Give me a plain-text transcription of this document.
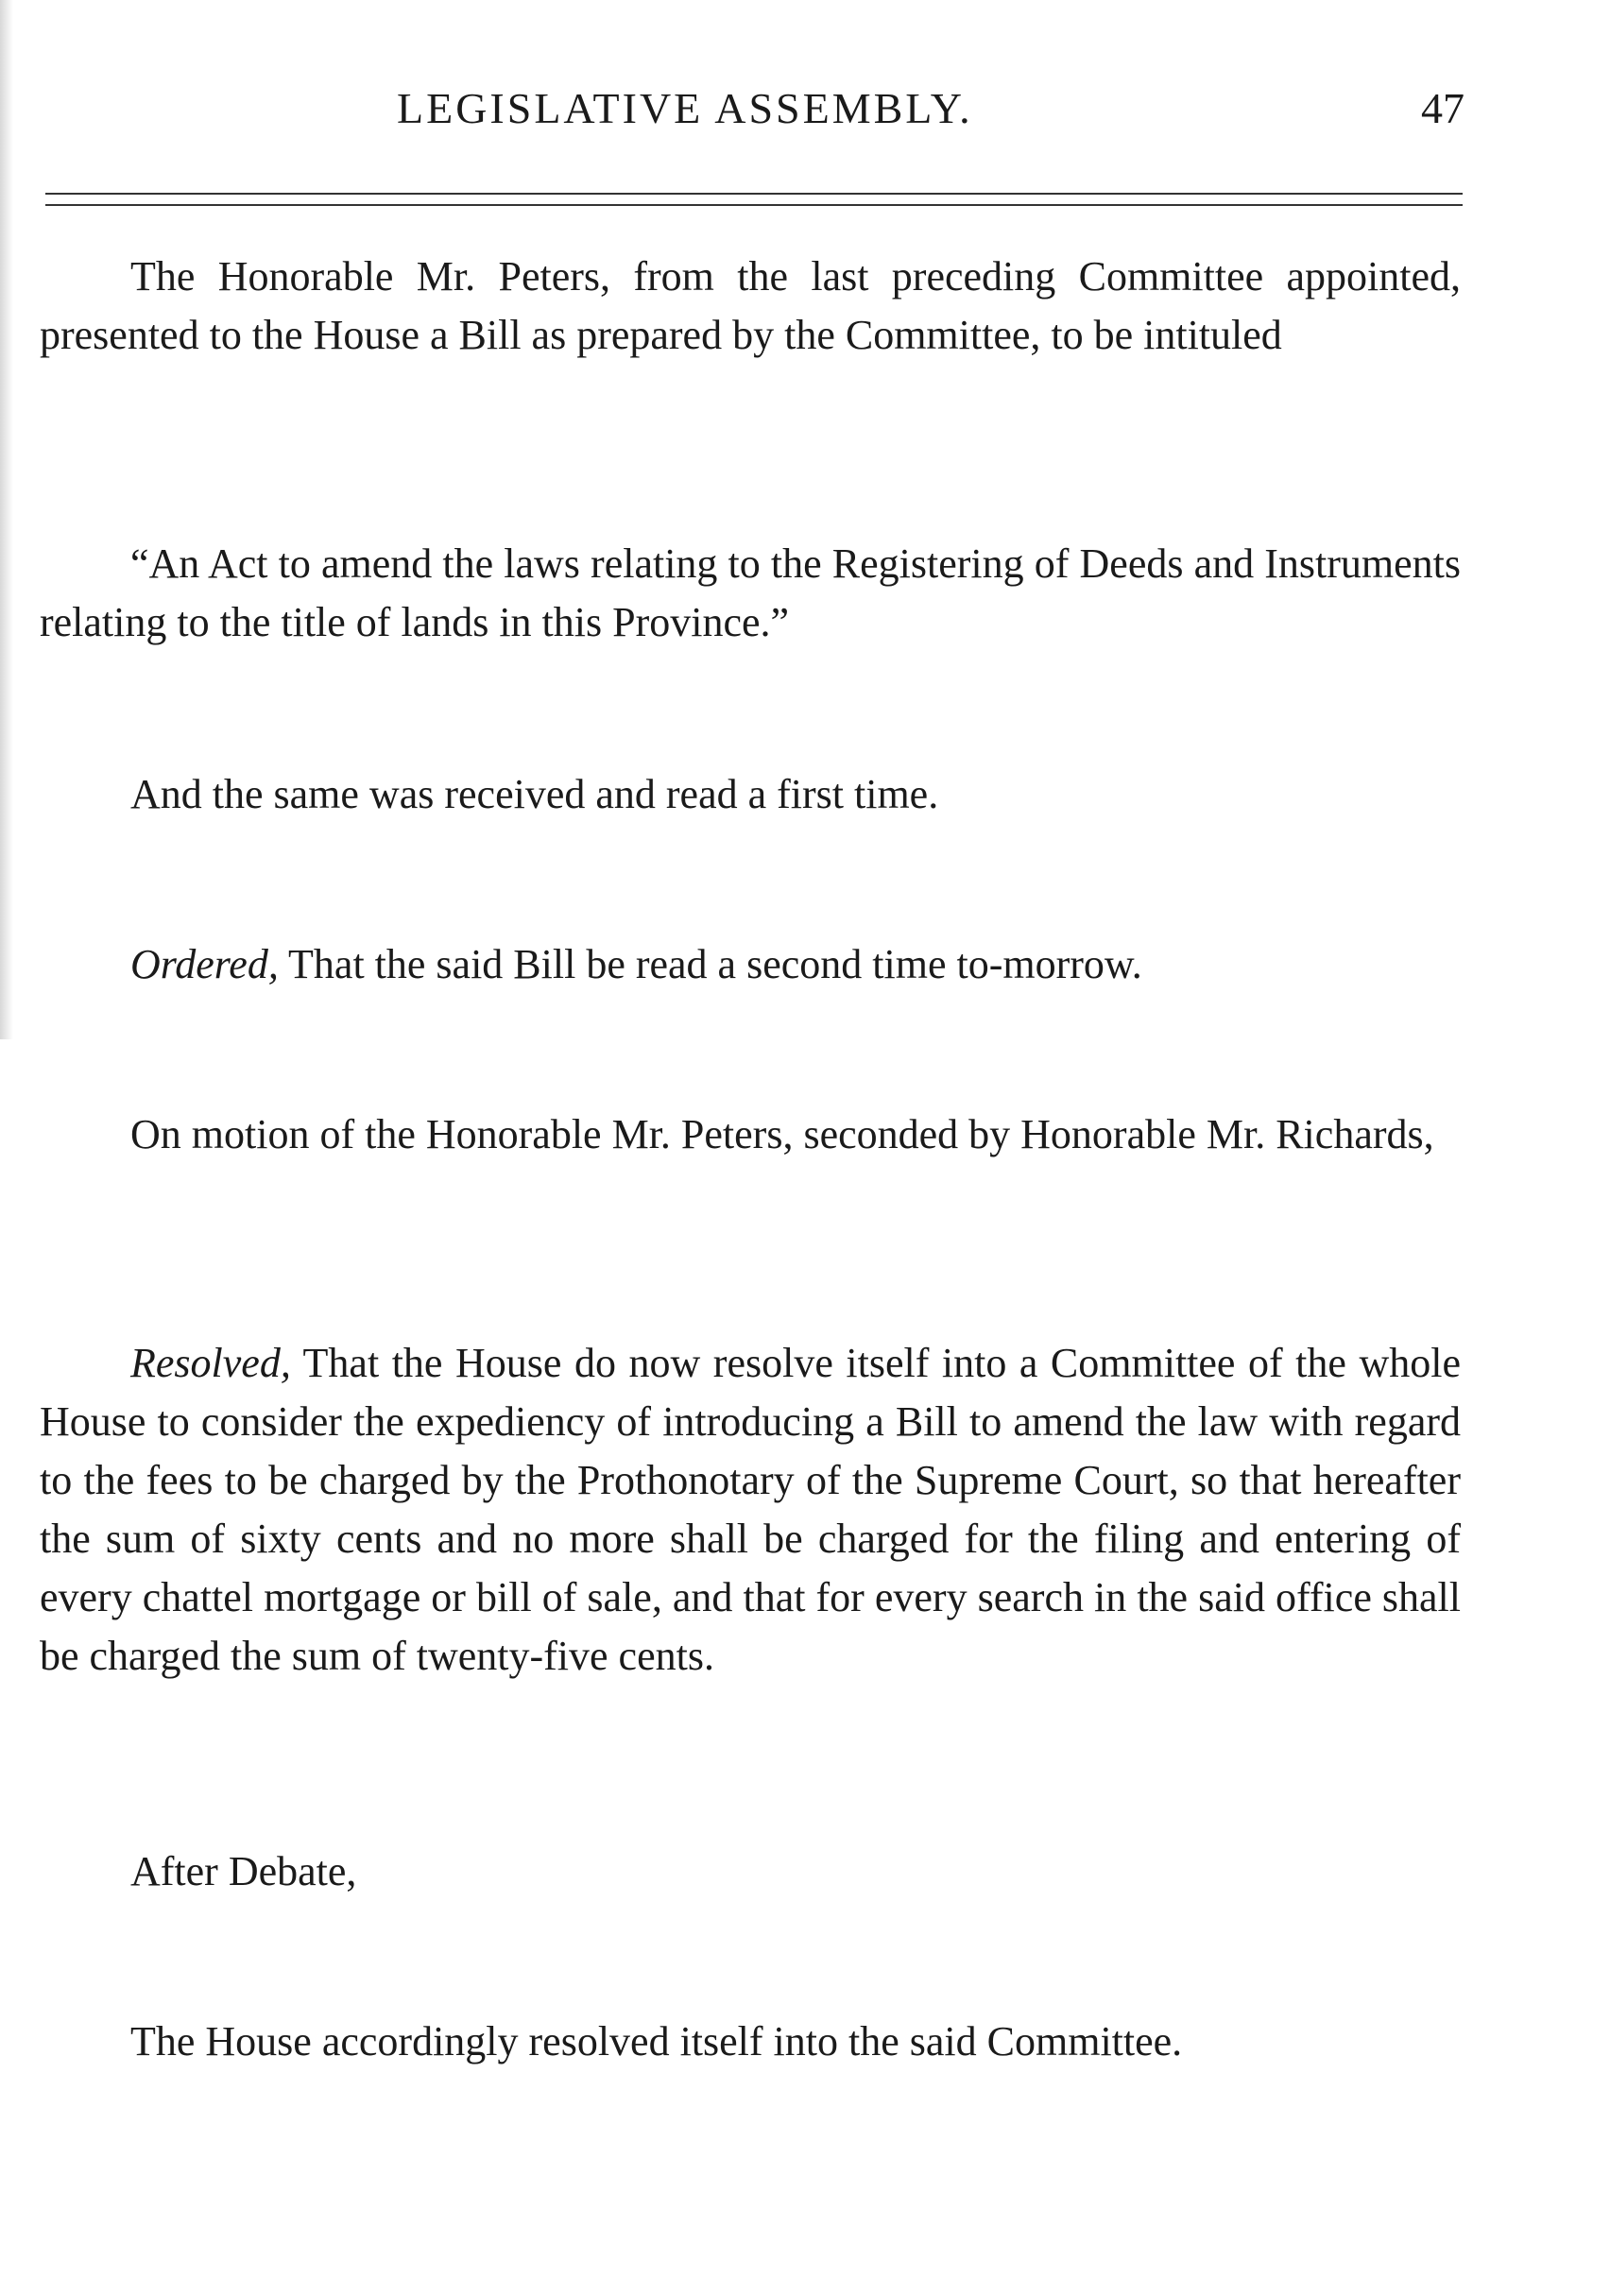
LEGISLATIVE ASSEMBLY.	47

The Honorable Mr. Peters, from the last preceding Committee appointed, presented to the House a Bill as prepared by the Committee, to be intituled

“An Act to amend the laws relating to the Registering of Deeds and Instruments relating to the title of lands in this Province.”

And the same was received and read a first time.

Ordered, That the said Bill be read a second time to-morrow.

On motion of the Honorable Mr. Peters, seconded by Honorable Mr. Richards,

Resolved, That the House do now resolve itself into a Committee of the whole House to consider the expediency of introducing a Bill to amend the law with regard to the fees to be charged by the Prothonotary of the Supreme Court, so that hereafter the sum of sixty cents and no more shall be charged for the filing and entering of every chattel mortgage or bill of sale, and that for every search in the said office shall be charged the sum of twenty-five cents.

After Debate,

The House accordingly resolved itself into the said Committee.
